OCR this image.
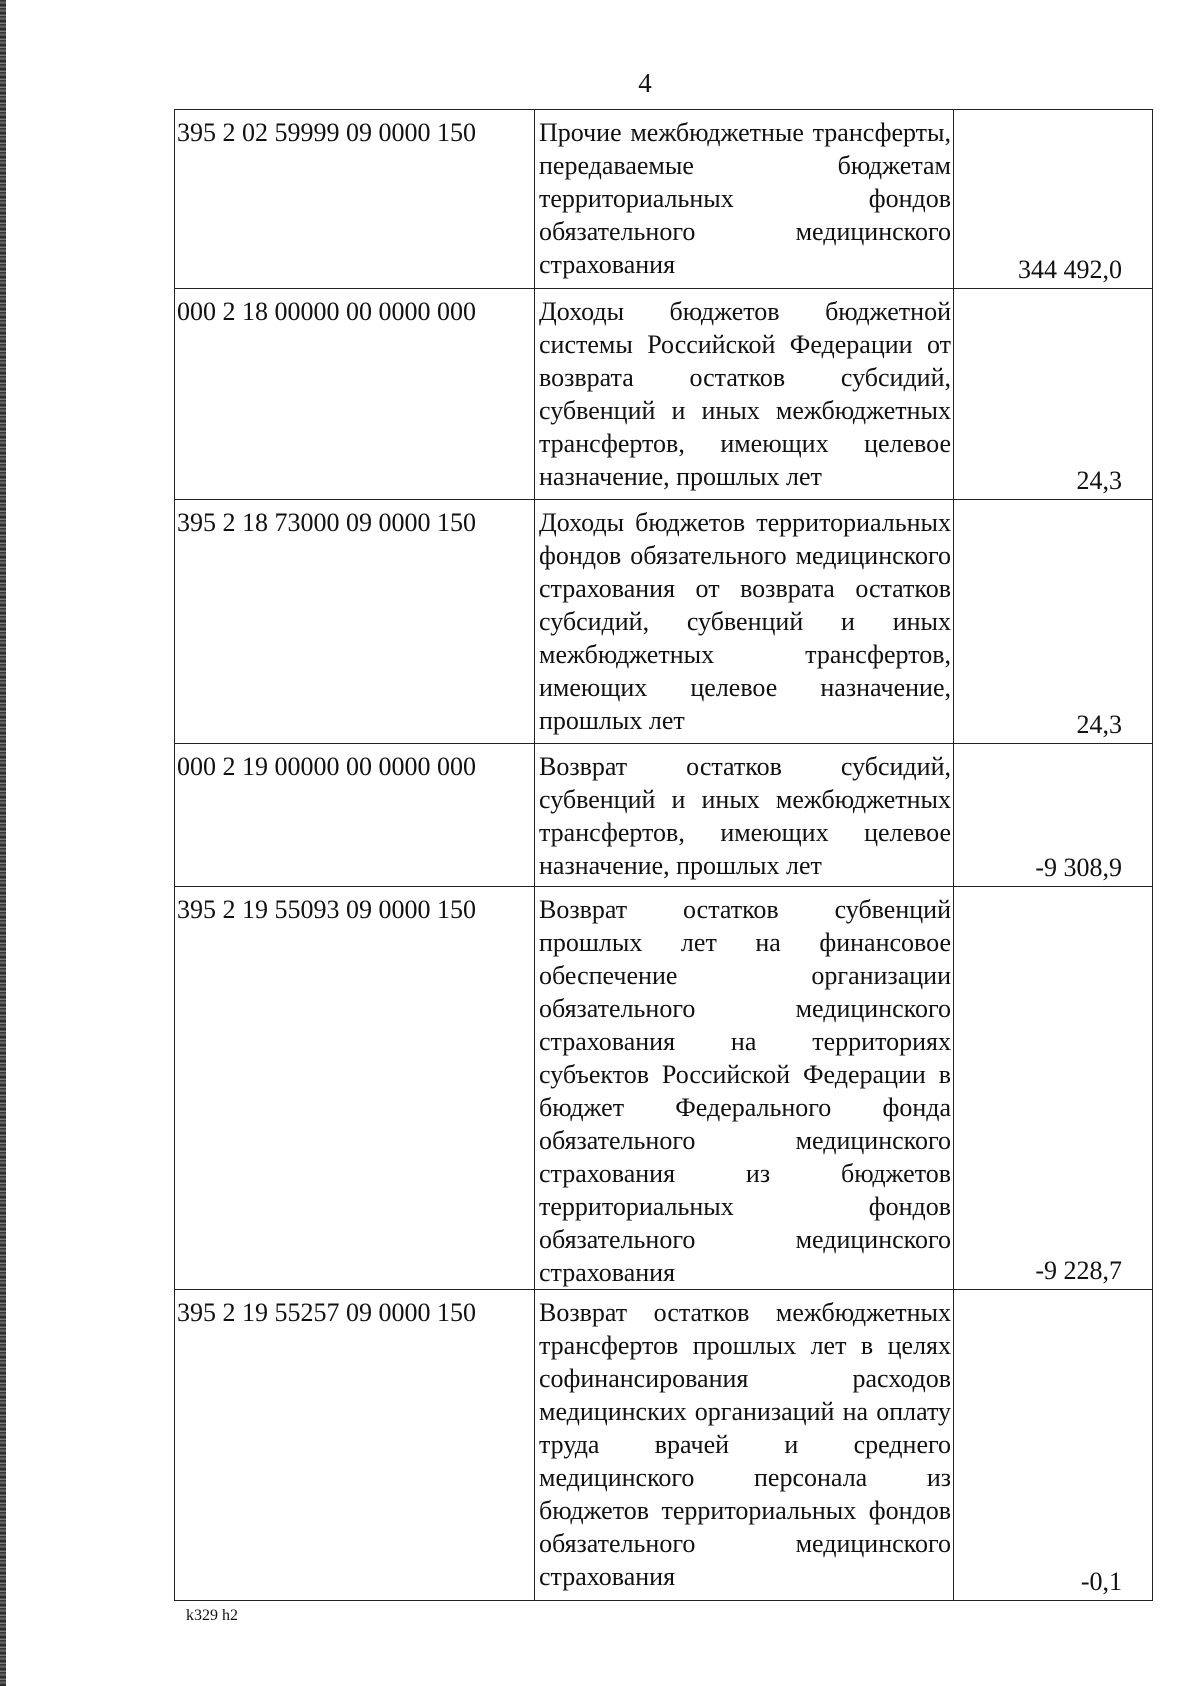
4
395 2 02 59999 09 0000 150	Прочие межбюджетные трансферты, передаваемые бюджетам территориальных фондов обязательного медицинского страхования	344 492,0
000 2 18 00000 00 0000 000	Доходы бюджетов бюджетной системы Российской Федерации от возврата остатков субсидий, субвенций и иных межбюджетных трансфертов, имеющих целевое назначение, прошлых лет	24,3
395 2 18 73000 09 0000 150	Доходы бюджетов территориальных фондов обязательного медицинского страхования от возврата остатков субсидий, субвенций и иных межбюджетных трансфертов, имеющих целевое назначение, прошлых лет	24,3
000 2 19 00000 00 0000 000	Возврат остатков субсидий, субвенций и иных межбюджетных трансфертов, имеющих целевое назначение, прошлых лет	-9 308,9
395 2 19 55093 09 0000 150	Возврат остатков субвенций прошлых лет на финансовое обеспечение организации обязательного медицинского страхования на территориях субъектов Российской Федерации в бюджет Федерального фонда обязательного медицинского страхования из бюджетов территориальных фондов обязательного медицинского страхования	-9 228,7
395 2 19 55257 09 0000 150	Возврат остатков межбюджетных трансфертов прошлых лет в целях софинансирования расходов медицинских организаций на оплату труда врачей и среднего медицинского персонала из бюджетов территориальных фондов обязательного медицинского страхования	-0,1
k329 h2
